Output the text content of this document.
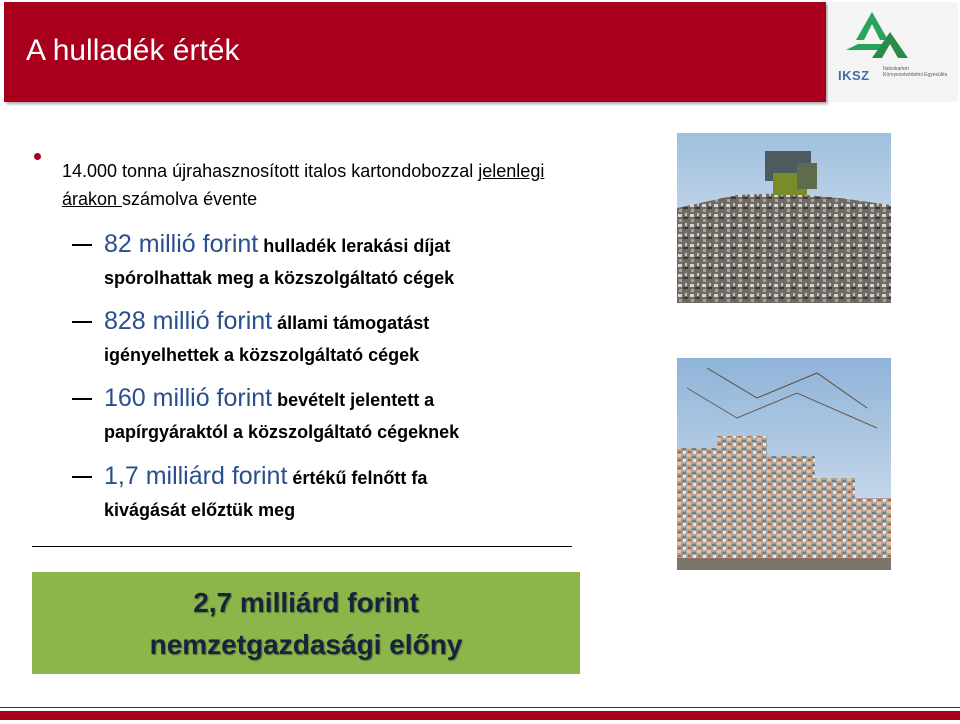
A hulladék érték
IKSZ	Italoskarton
Környezetvédelmi Egyesülés
14.000 tonna újrahasznosított italos kartondobozzal jelenlegi árakon számolva évente
82 millió forint hulladék lerakási díjat
spórolhattak meg a közszolgáltató cégek
828 millió forint állami támogatást
igényelhettek a közszolgáltató cégek
160 millió forint bevételt jelentett a
papírgyáraktól a közszolgáltató cégeknek
1,7 milliárd forint értékű felnőtt fa
kivágását előztük meg
2,7 milliárd forint
nemzetgazdasági előny
